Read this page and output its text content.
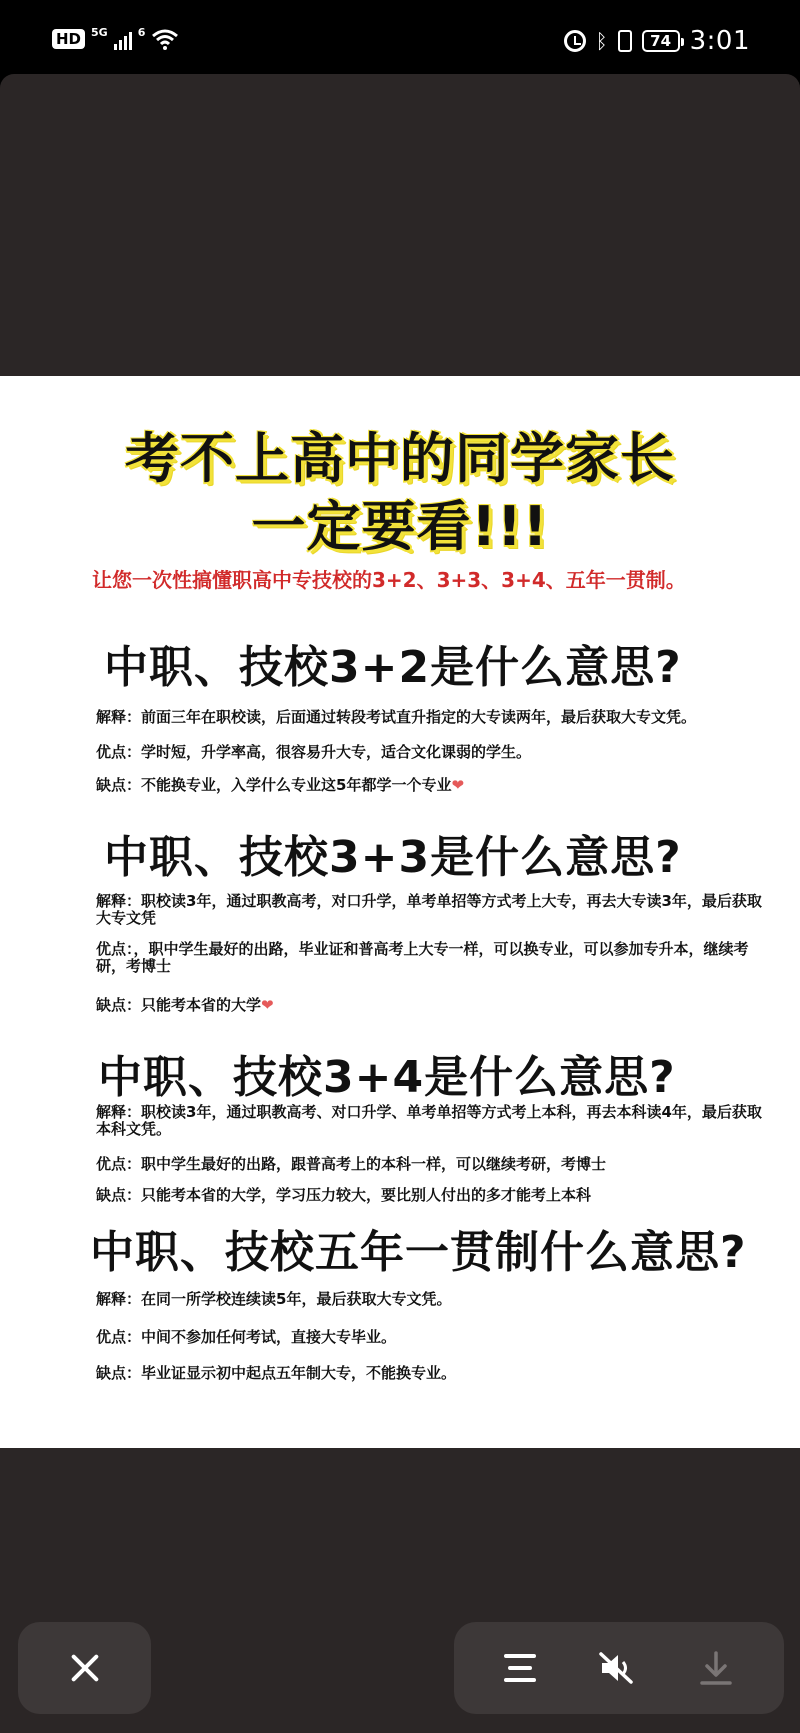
HD 5G	6	ᛒ	74 3:01
考不上高中的同学家长
一定要看!!!
让您一次性搞懂职高中专技校的3+2、3+3、3+4、五年一贯制。
中职、技校3+2是什么意思?
解释：前面三年在职校读，后面通过转段考试直升指定的大专读两年，最后获取大专文凭。
优点：学时短，升学率高，很容易升大专，适合文化课弱的学生。
缺点：不能换专业，入学什么专业这5年都学一个专业❤
中职、技校3+3是什么意思?
解释：职校读3年，通过职教高考，对口升学，单考单招等方式考上大专，再去大专读3年，最后获取大专文凭
优点：，职中学生最好的出路，毕业证和普高考上大专一样，可以换专业，可以参加专升本，继续考研，考博士
缺点：只能考本省的大学❤
中职、技校3+4是什么意思?
解释：职校读3年，通过职教高考、对口升学、单考单招等方式考上本科，再去本科读4年，最后获取本科文凭。
优点：职中学生最好的出路，跟普高考上的本科一样，可以继续考研，考博士
缺点：只能考本省的大学，学习压力较大，要比别人付出的多才能考上本科
中职、技校五年一贯制什么意思?
解释：在同一所学校连续读5年，最后获取大专文凭。
优点：中间不参加任何考试，直接大专毕业。
缺点：毕业证显示初中起点五年制大专，不能换专业。
